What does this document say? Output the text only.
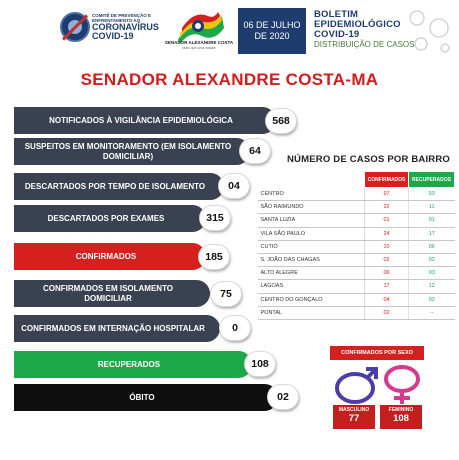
COMITÊ DE PREVENÇÃO E ENFRENTAMENTO AO
CORONAVÍRUS
COVID-19
SENADOR ALEXANDRE COSTA
Mais que uma cidade
06 DE JULHO
DE 2020
BOLETIM
EPIDEMIOLÓGICO
COVID-19
DISTRIBUIÇÃO DE CASOS
SENADOR ALEXANDRE COSTA-MA
NOTIFICADOS À VIGILÂNCIA EPIDEMIOLÓGICA	568
SUSPEITOS EM MONITORAMENTO (EM ISOLAMENTO DOMICILIAR)	64
DESCARTADOS POR TEMPO DE ISOLAMENTO	04
DESCARTADOS POR EXAMES	315
CONFIRMADOS	185
CONFIRMADOS EM ISOLAMENTO DOMICILIAR	75
CONFIRMADOS EM INTERNAÇÃO HOSPITALAR	0
RECUPERADOS	108
ÓBITO	02
NÚMERO DE CASOS POR BAIRRO
	CONFIRMADOS	RECUPERADOS
CENTRO	97	53
SÃO RAIMUNDO	22	11
SANTA LUZIA	01	01
VILA SÃO PAULO	24	17
CUTIÓ	10	06
S. JOÃO DAS CHAGAS	02	02
ALTO ALEGRE	06	03
LAGOAS	17	12
CENTRO DO GONÇALO	04	03
PONTAL	02	--
CONFIRMADOS POR SEXO
MASCULINO
77
FEMININO
108
